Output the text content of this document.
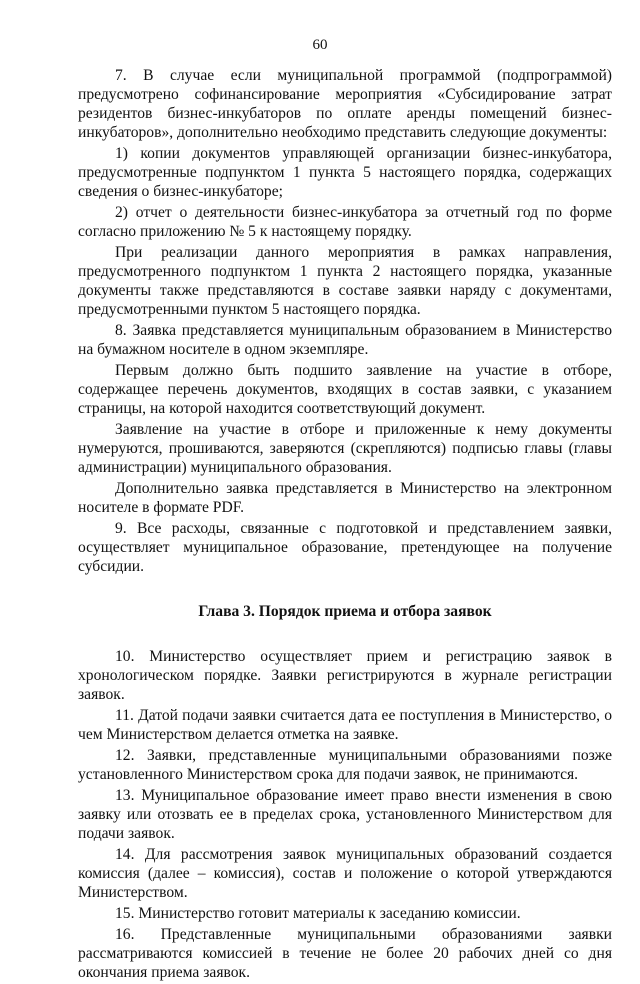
60

7. В случае если муниципальной программой (подпрограммой) предусмотрено софинансирование мероприятия «Субсидирование затрат резидентов бизнес-инкубаторов по оплате аренды помещений бизнес-инкубаторов», дополнительно необходимо представить следующие документы:

1) копии документов управляющей организации бизнес-инкубатора, предусмотренные подпунктом 1 пункта 5 настоящего порядка, содержащих сведения о бизнес-инкубаторе;

2) отчет о деятельности бизнес-инкубатора за отчетный год по форме согласно приложению № 5 к настоящему порядку.

При реализации данного мероприятия в рамках направления, предусмотренного подпунктом 1 пункта 2 настоящего порядка, указанные документы также представляются в составе заявки наряду с документами, предусмотренными пунктом 5 настоящего порядка.

8. Заявка представляется муниципальным образованием в Министерство на бумажном носителе в одном экземпляре.

Первым должно быть подшито заявление на участие в отборе, содержащее перечень документов, входящих в состав заявки, с указанием страницы, на которой находится соответствующий документ.

Заявление на участие в отборе и приложенные к нему документы нумеруются, прошиваются, заверяются (скрепляются) подписью главы (главы администрации) муниципального образования.

Дополнительно заявка представляется в Министерство на электронном носителе в формате PDF.

9. Все расходы, связанные с подготовкой и представлением заявки, осуществляет муниципальное образование, претендующее на получение субсидии.

Глава 3. Порядок приема и отбора заявок

10. Министерство осуществляет прием и регистрацию заявок в хронологическом порядке. Заявки регистрируются в журнале регистрации заявок.

11. Датой подачи заявки считается дата ее поступления в Министерство, о чем Министерством делается отметка на заявке.

12. Заявки, представленные муниципальными образованиями позже установленного Министерством срока для подачи заявок, не принимаются.

13. Муниципальное образование имеет право внести изменения в свою заявку или отозвать ее в пределах срока, установленного Министерством для подачи заявок.

14. Для рассмотрения заявок муниципальных образований создается комиссия (далее – комиссия), состав и положение о которой утверждаются Министерством.

15. Министерство готовит материалы к заседанию комиссии.

16. Представленные муниципальными образованиями заявки рассматриваются комиссией в течение не более 20 рабочих дней со дня окончания приема заявок.
